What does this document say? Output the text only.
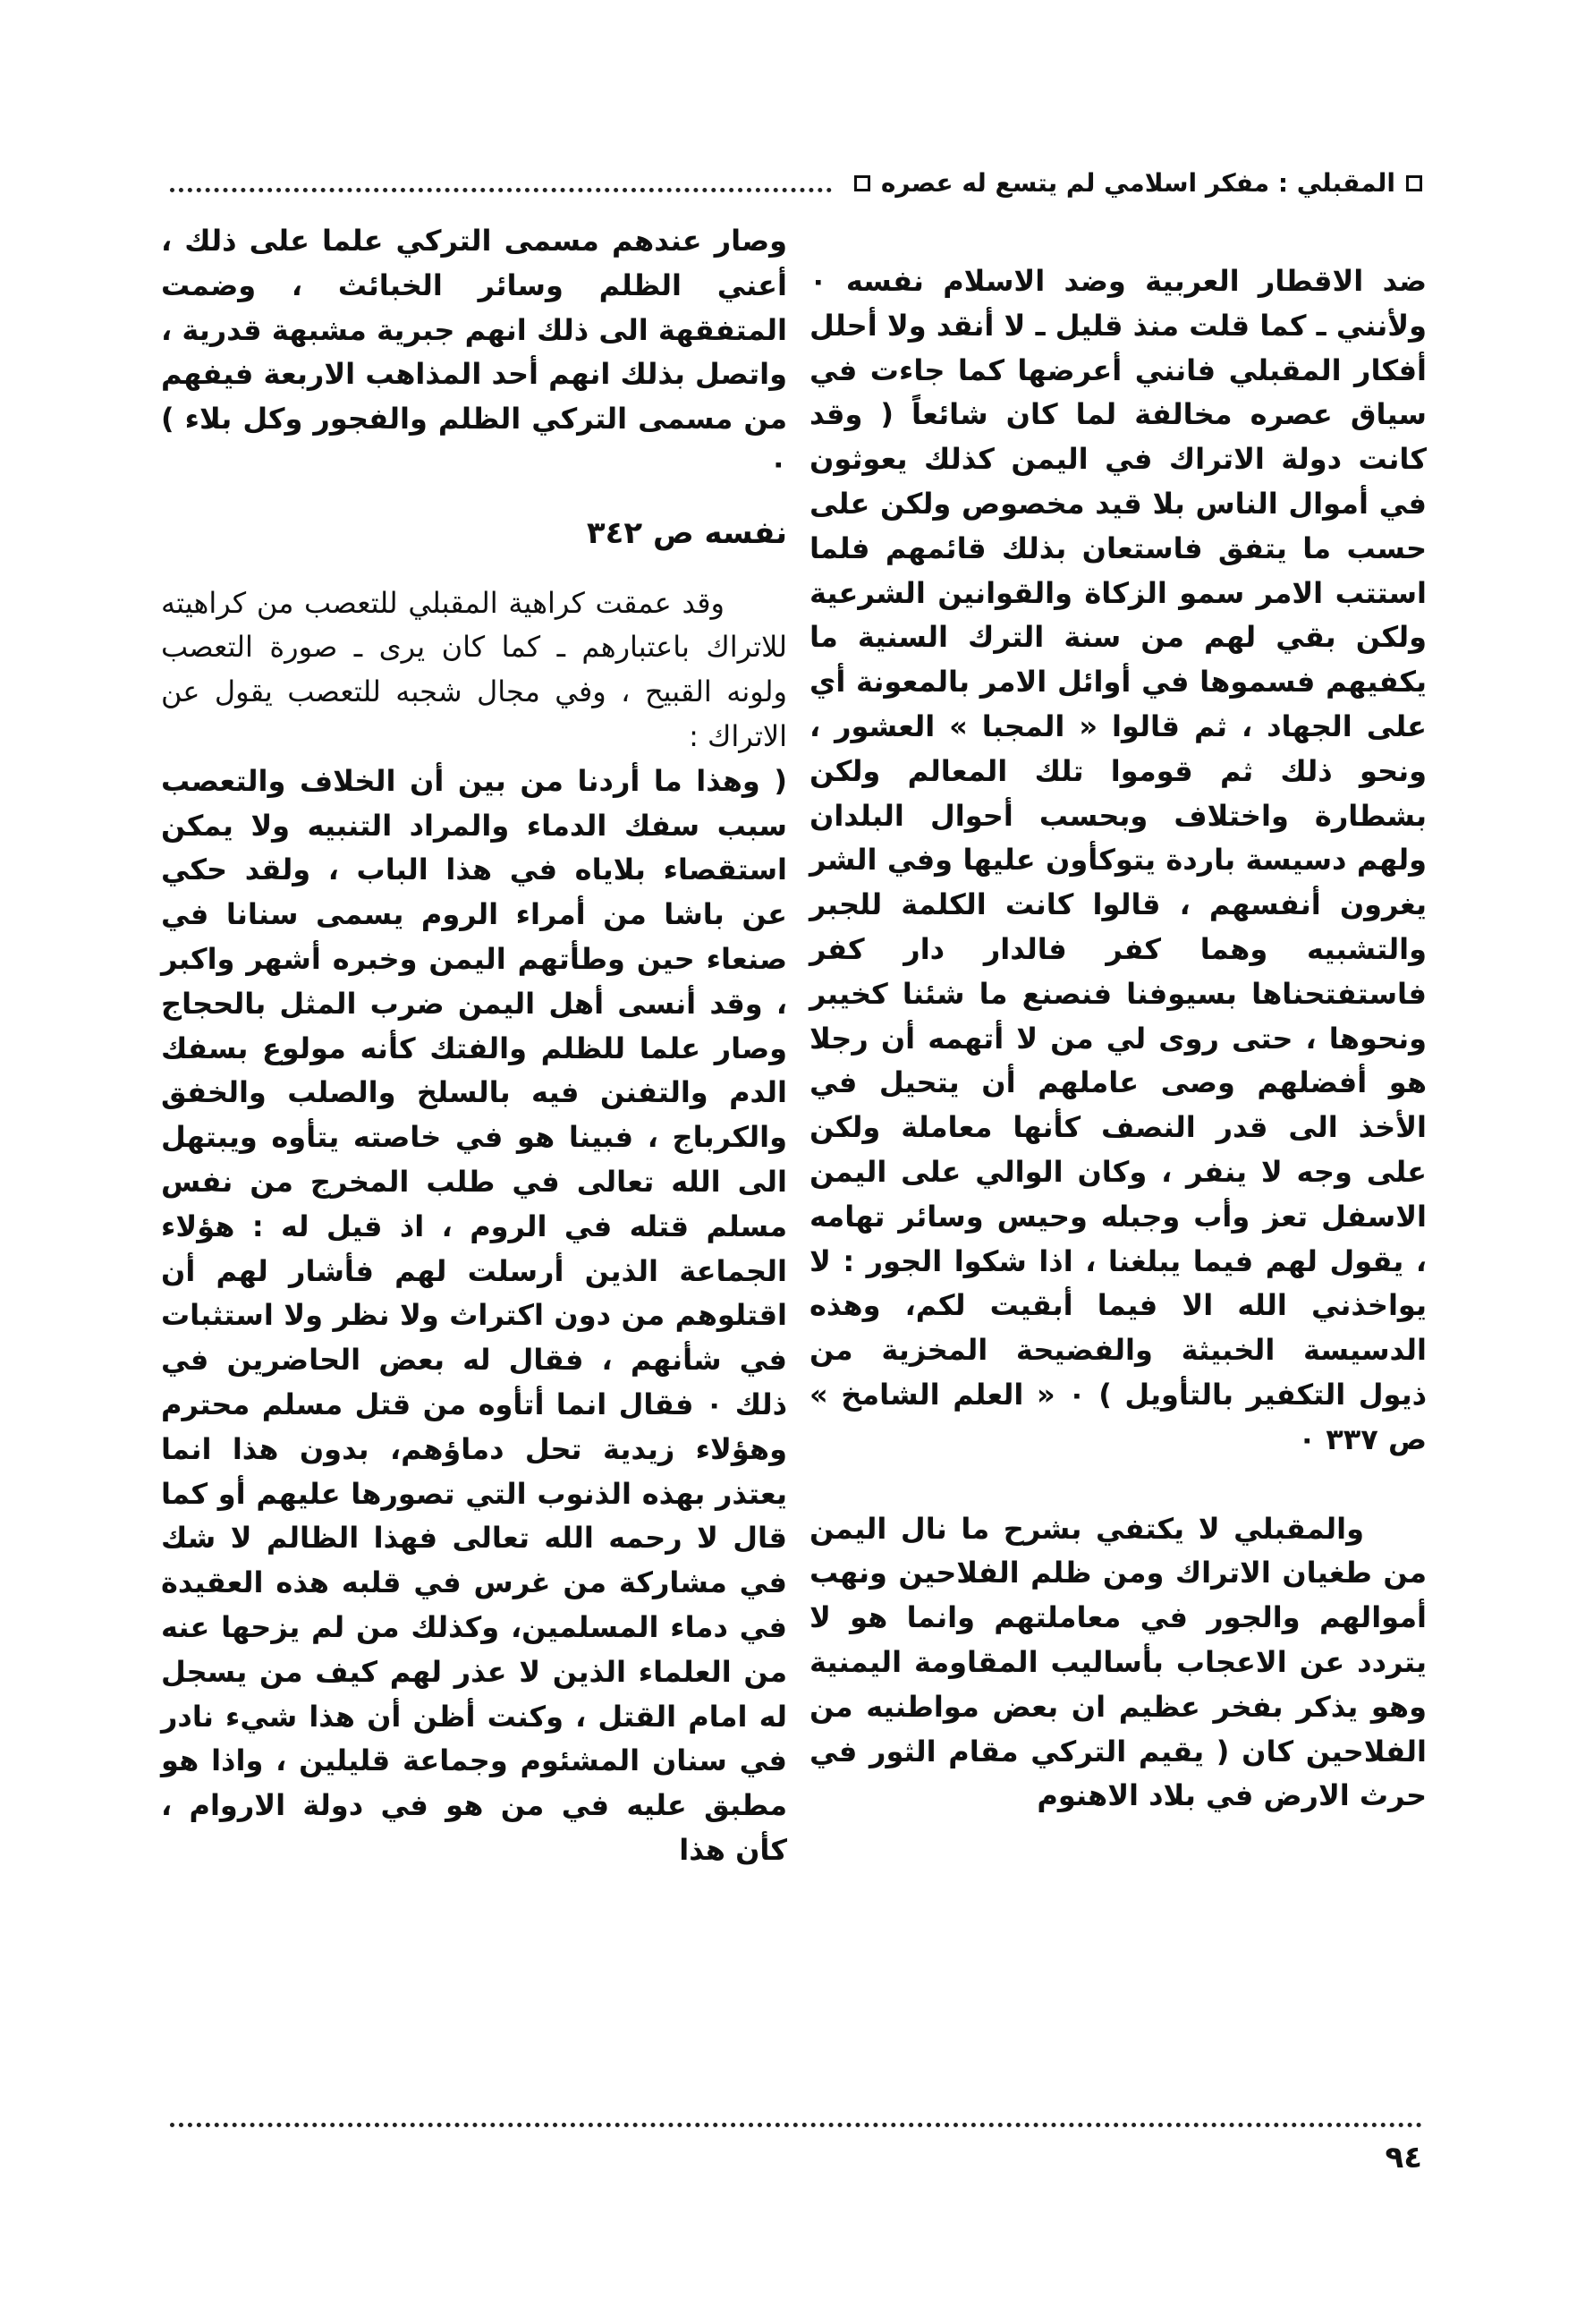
المقبلي : مفكر اسلامي لم يتسع له عصره

ضد الاقطار العربية وضد الاسلام نفسه ٠ ولأنني ـ كما قلت منذ قليل ـ لا أنقد ولا أحلل أفكار المقبلي فانني أعرضها كما جاءت في سياق عصره مخالفة لما كان شائعاً ( وقد كانت دولة الاتراك في اليمن كذلك يعوثون في أموال الناس بلا قيد مخصوص ولكن على حسب ما يتفق فاستعان بذلك قائمهم فلما استتب الامر سمو الزكاة والقوانين الشرعية ولكن بقي لهم من سنة الترك السنية ما يكفيهم فسموها في أوائل الامر بالمعونة أي على الجهاد ، ثم قالوا « المجبا » العشور ، ونحو ذلك ثم قوموا تلك المعالم ولكن بشطارة واختلاف وبحسب أحوال البلدان ولهم دسيسة باردة يتوكأون عليها وفي الشر يغرون أنفسهم ، قالوا كانت الكلمة للجبر والتشبيه وهما كفر فالدار دار كفر فاستفتحناها بسيوفنا فنصنع ما شئنا كخيبر ونحوها ، حتى روى لي من لا أتهمه أن رجلا هو أفضلهم وصى عاملهم أن يتحيل في الأخذ الى قدر النصف كأنها معاملة ولكن على وجه لا ينفر ، وكان الوالي على اليمن الاسفل تعز وأب وجبله وحيس وسائر تهامه ، يقول لهم فيما يبلغنا ، اذا شكوا الجور : لا يواخذني الله الا فيما أبقيت لكم، وهذه الدسيسة الخبيثة والفضيحة المخزية من ذيول التكفير بالتأويل ) ٠ « العلم الشامخ » ص ٣٣٧ ٠

والمقبلي لا يكتفي بشرح ما نال اليمن من طغيان الاتراك ومن ظلم الفلاحين ونهب أموالهم والجور في معاملتهم وانما هو لا يتردد عن الاعجاب بأساليب المقاومة اليمنية وهو يذكر بفخر عظيم ان بعض مواطنيه من الفلاحين كان ( يقيم التركي مقام الثور في حرث الارض في بلاد الاهنوم

وصار عندهم مسمى التركي علما على ذلك ، أعني الظلم وسائر الخبائث ، وضمت المتفقهة الى ذلك انهم جبرية مشبهة قدرية ، واتصل بذلك انهم أحد المذاهب الاربعة فيفهم من مسمى التركي الظلم والفجور وكل بلاء ) ٠

نفسه ص ٣٤٢

وقد عمقت كراهية المقبلي للتعصب من كراهيته للاتراك باعتبارهم ـ كما كان يرى ـ صورة التعصب ولونه القبيح ، وفي مجال شجبه للتعصب يقول عن الاتراك :

( وهذا ما أردنا من بين أن الخلاف والتعصب سبب سفك الدماء والمراد التنبيه ولا يمكن استقصاء بلاياه في هذا الباب ، ولقد حكي عن باشا من أمراء الروم يسمى سنانا في صنعاء حين وطأتهم اليمن وخبره أشهر واكبر ، وقد أنسى أهل اليمن ضرب المثل بالحجاج وصار علما للظلم والفتك كأنه مولوع بسفك الدم والتفنن فيه بالسلخ والصلب والخفق والكرباج ، فبينا هو في خاصته يتأوه ويبتهل الى الله تعالى في طلب المخرج من نفس مسلم قتله في الروم ، اذ قيل له : هؤلاء الجماعة الذين أرسلت لهم فأشار لهم أن اقتلوهم من دون اكتراث ولا نظر ولا استثبات في شأنهم ، فقال له بعض الحاضرين في ذلك ٠ فقال انما أتأوه من قتل مسلم محترم وهؤلاء زيدية تحل دماؤهم، بدون هذا انما يعتذر بهذه الذنوب التي تصورها عليهم أو كما قال لا رحمه الله تعالى فهذا الظالم لا شك في مشاركة من غرس في قلبه هذه العقيدة في دماء المسلمين، وكذلك من لم يزحها عنه من العلماء الذين لا عذر لهم كيف من يسجل له امام القتل ، وكنت أظن أن هذا شيء نادر في سنان المشئوم وجماعة قليلين ، واذا هو مطبق عليه في من هو في دولة الاروام ، كأن هذا

٩٤
